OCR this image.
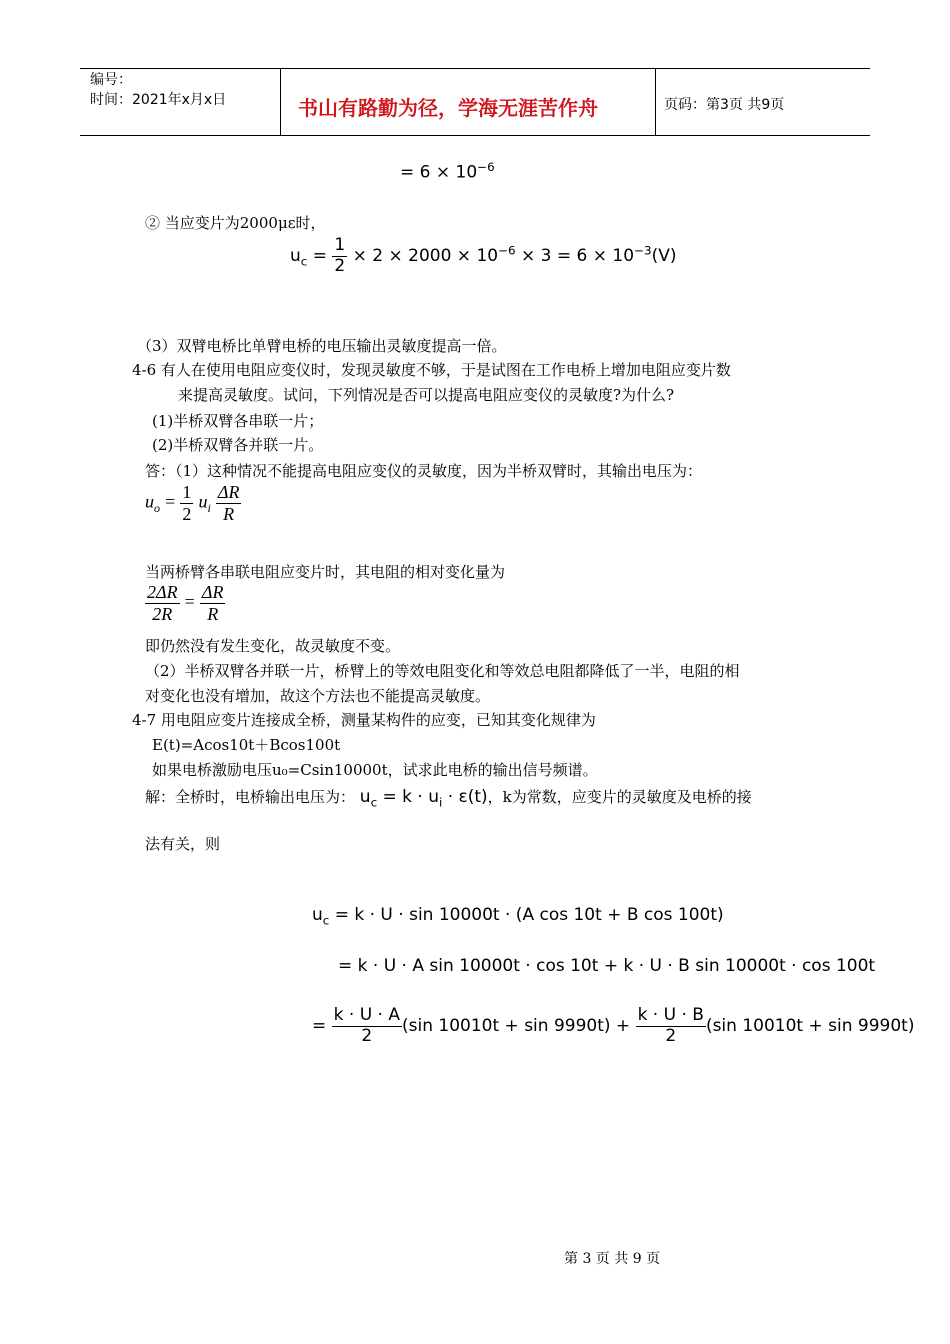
编号：
时间：2021年x月x日	书山有路勤为径，学海无涯苦作舟	页码：第3页 共9页
= $6 \times 10^{-6}$
② 当应变片为2000με时，
$u_c = \frac{1}{2} \times 2 \times 2000 \times 10^{-6} \times 3 = 6 \times 10^{-3}(V)$
（3）双臂电桥比单臂电桥的电压输出灵敏度提高一倍。
4-6 有人在使用电阻应变仪时，发现灵敏度不够，于是试图在工作电桥上增加电阻应变片数
来提高灵敏度。试问，下列情况是否可以提高电阻应变仪的灵敏度?为什么?
(1)半桥双臂各串联一片；
(2)半桥双臂各并联一片。
答：（1）这种情况不能提高电阻应变仪的灵敏度，因为半桥双臂时，其输出电压为：
$u_o = \frac{1}{2} u_i \frac{\Delta R}{R}$
当两桥臂各串联电阻应变片时，其电阻的相对变化量为
$\frac{2\Delta R}{2R} = \frac{\Delta R}{R}$
即仍然没有发生变化，故灵敏度不变。
（2）半桥双臂各并联一片，桥臂上的等效电阻变化和等效总电阻都降低了一半，电阻的相
对变化也没有增加，故这个方法也不能提高灵敏度。
4-7 用电阻应变片连接成全桥，测量某构件的应变，已知其变化规律为
E(t)=Acos10t＋Bcos100t
如果电桥激励电压u₀=Csin10000t，试求此电桥的输出信号频谱。
解：全桥时，电桥输出电压为： $u_c = k \cdot u_i \cdot \varepsilon(t)$，k为常数，应变片的灵敏度及电桥的接
法有关，则
$u_c = k \cdot U \cdot \sin 10000t \cdot (A$ cos 10t + B cos 100t)
= k · U · A sin 10000t · cos 10t + k · U · B sin 10000t · cos 100t
= $\frac{k \cdot U \cdot A}{2} (\sin$ $10010t + \sin 9990t) + \frac{k \cdot U \cdot B}{2} (\sin$ 10010t + sin 9990t)
第 3 页 共 9 页
